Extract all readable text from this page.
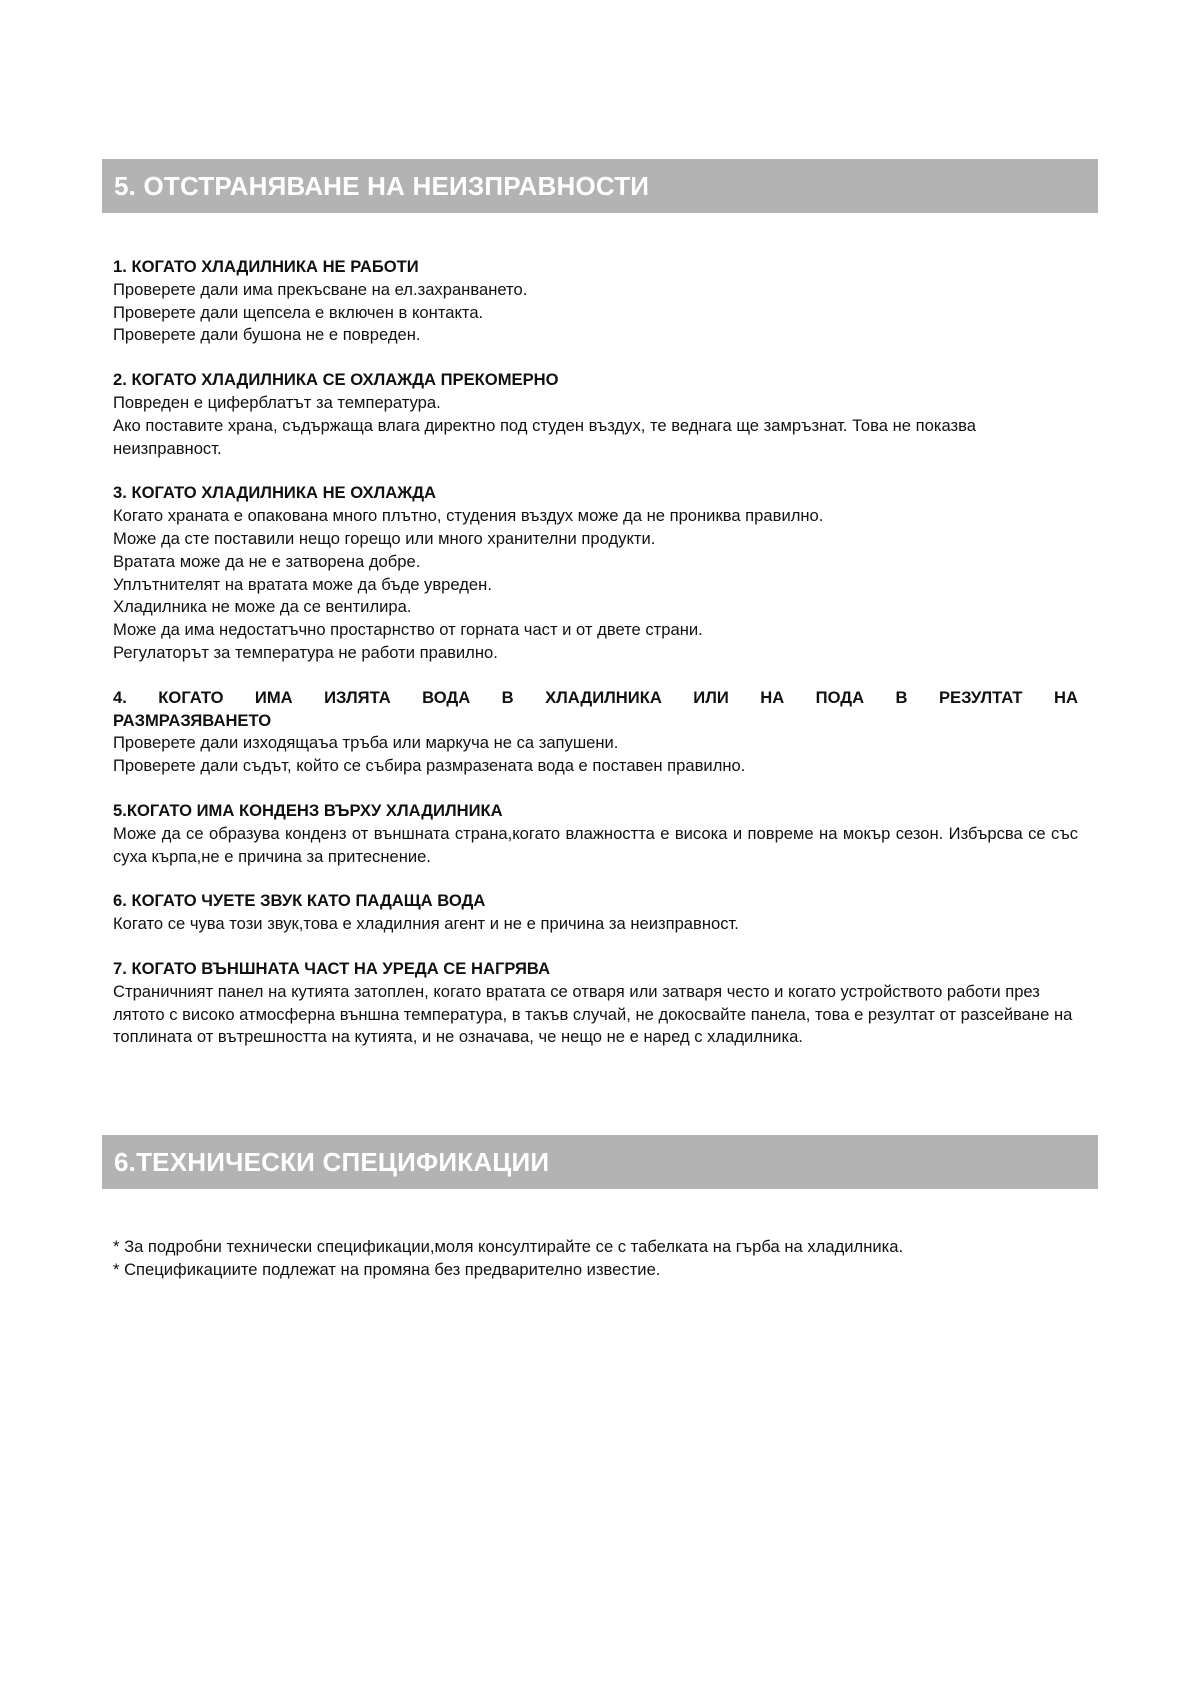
5. ОТСТРАНЯВАНЕ НА НЕИЗПРАВНОСТИ

1. КОГАТО ХЛАДИЛНИКА НЕ РАБОТИ

Проверете дали има прекъсване на ел.захранването.

Проверете дали щепсела е включен в контакта.

Проверете дали бушона не е повреден.

2. КОГАТО ХЛАДИЛНИКА СЕ ОХЛАЖДА ПРЕКОМЕРНО

Повреден е циферблатът за температура.

Ако поставите храна, съдържаща влага директно под студен въздух, те веднага ще замръзнат. Това не показва неизправност.

3. КОГАТО ХЛАДИЛНИКА НЕ ОХЛАЖДА

Когато храната е опакована много плътно, студения въздух може да не прониква правилно.

Може да сте поставили нещо горещо или много хранителни продукти.

Вратата може да не е затворена добре.

Уплътнителят на вратата може да бъде увреден.

Хладилника не може да се вентилира.

Може да има недостатъчно простарнство от горната част и от двете страни.

Регулаторът за температура не работи правилно.

4. КОГАТО ИМА ИЗЛЯТА ВОДА В ХЛАДИЛНИКА ИЛИ НА ПОДА В РЕЗУЛТАТ НА

РАЗМРАЗЯВАНЕТО

Проверете дали изходящаъа тръба или маркуча не са запушени.

Проверете дали съдът, който се събира размразената вода е поставен правилно.

5.КОГАТО ИМА КОНДЕНЗ ВЪРХУ ХЛАДИЛНИКА

Може да се образува конденз от външната страна,когато влажността е висока и повреме на мокър сезон. Избърсва се със суха кърпа,не е причина за притеснение.

6. КОГАТО ЧУЕТЕ ЗВУК КАТО ПАДАЩА ВОДА

Когато се чува този звук,това е хладилния агент и не е причина за неизправност.

7. КОГАТО ВЪНШНАТА ЧАСТ НА УРЕДА СЕ НАГРЯВА

Страничният панел на кутията затоплен, когато вратата се отваря или затваря често и когато устройството работи през лятото с високо атмосферна външна температура, в такъв случай, не докосвайте панела, това е резултат от разсейване на топлината от вътрешността на кутията, и не означава, че нещо не е наред с хладилника.

6.ТЕХНИЧЕСКИ СПЕЦИФИКАЦИИ

* За подробни технически спецификации,моля консултирайте се с табелката на гърба на хладилника.

* Спецификациите подлежат на промяна без предварително известие.
